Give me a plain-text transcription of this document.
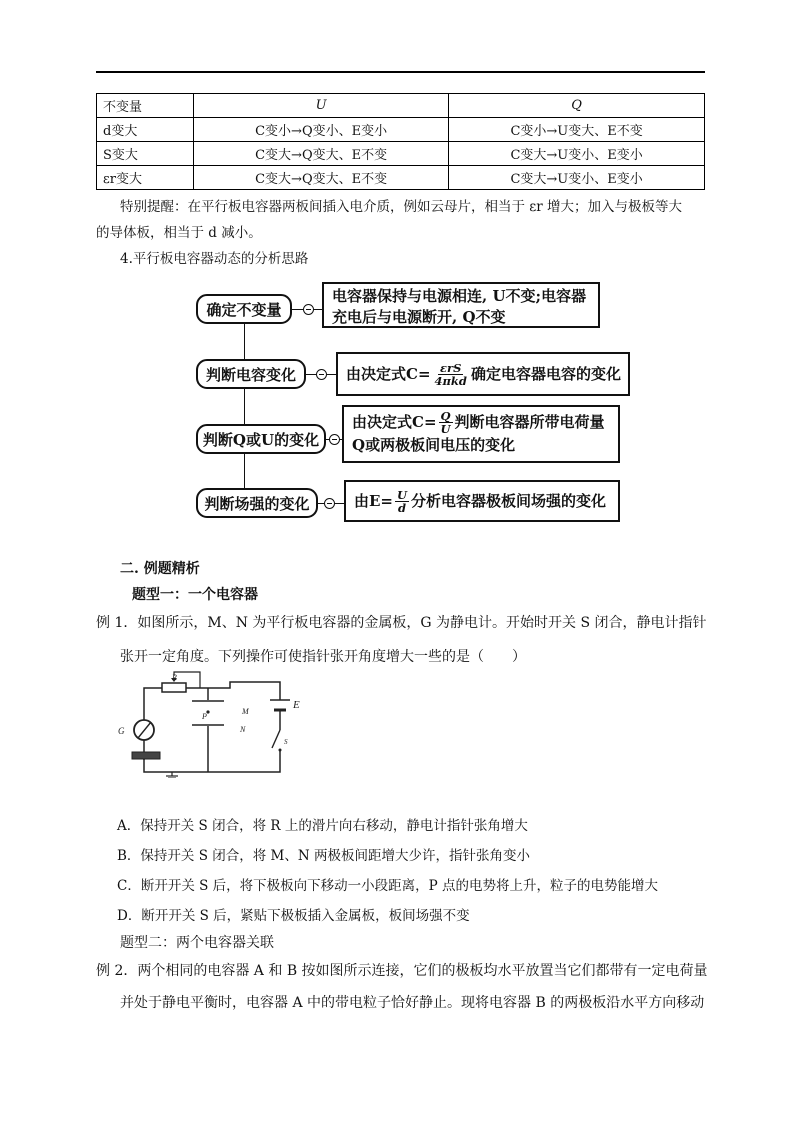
不变量	U	Q
d变大	C变小→Q变小、E变小	C变小→U变大、E不变
S变大	C变大→Q变大、E不变	C变大→U变小、E变小
εr变大	C变大→Q变大、E不变	C变大→U变小、E变小
特别提醒：在平行板电容器两板间插入电介质，例如云母片，相当于 εr 增大；加入与极板等大
的导体板，相当于 d 减小。
4.平行板电容器动态的分析思路
确定不变量
电容器保持与电源相连, U不变;电容器
充电后与电源断开, Q不变
判断电容变化	由决定式$C= \frac{\text{εrS}}{\text{4πkd}}$ 确定电容器电容的变化
判断Q或U的变化
由决定式$C= \frac{Q}{U}$ 判断电容器所带电荷量
Q或两极板间电压的变化
判断场强的变化	由$E= \frac{U}{d}$ 分析电容器极板间场强的变化
二. 例题精析
题型一：一个电容器
例 1．如图所示，M、N 为平行板电容器的金属板，G 为静电计。开始时开关 S 闭合，静电计指针
张开一定角度。下列操作可使指针张开角度增大一些的是（　　）
R
M
N
P
E
S
G
A．保持开关 S 闭合，将 R 上的滑片向右移动，静电计指针张角增大
B．保持开关 S 闭合，将 M、N 两极板间距增大少许，指针张角变小
C．断开开关 S 后，将下极板向下移动一小段距离，P 点的电势将上升，粒子的电势能增大
D．断开开关 S 后，紧贴下极板插入金属板，板间场强不变
题型二：两个电容器关联
例 2．两个相同的电容器 A 和 B 按如图所示连接，它们的极板均水平放置当它们都带有一定电荷量
并处于静电平衡时，电容器 A 中的带电粒子恰好静止。现将电容器 B 的两极板沿水平方向移动
